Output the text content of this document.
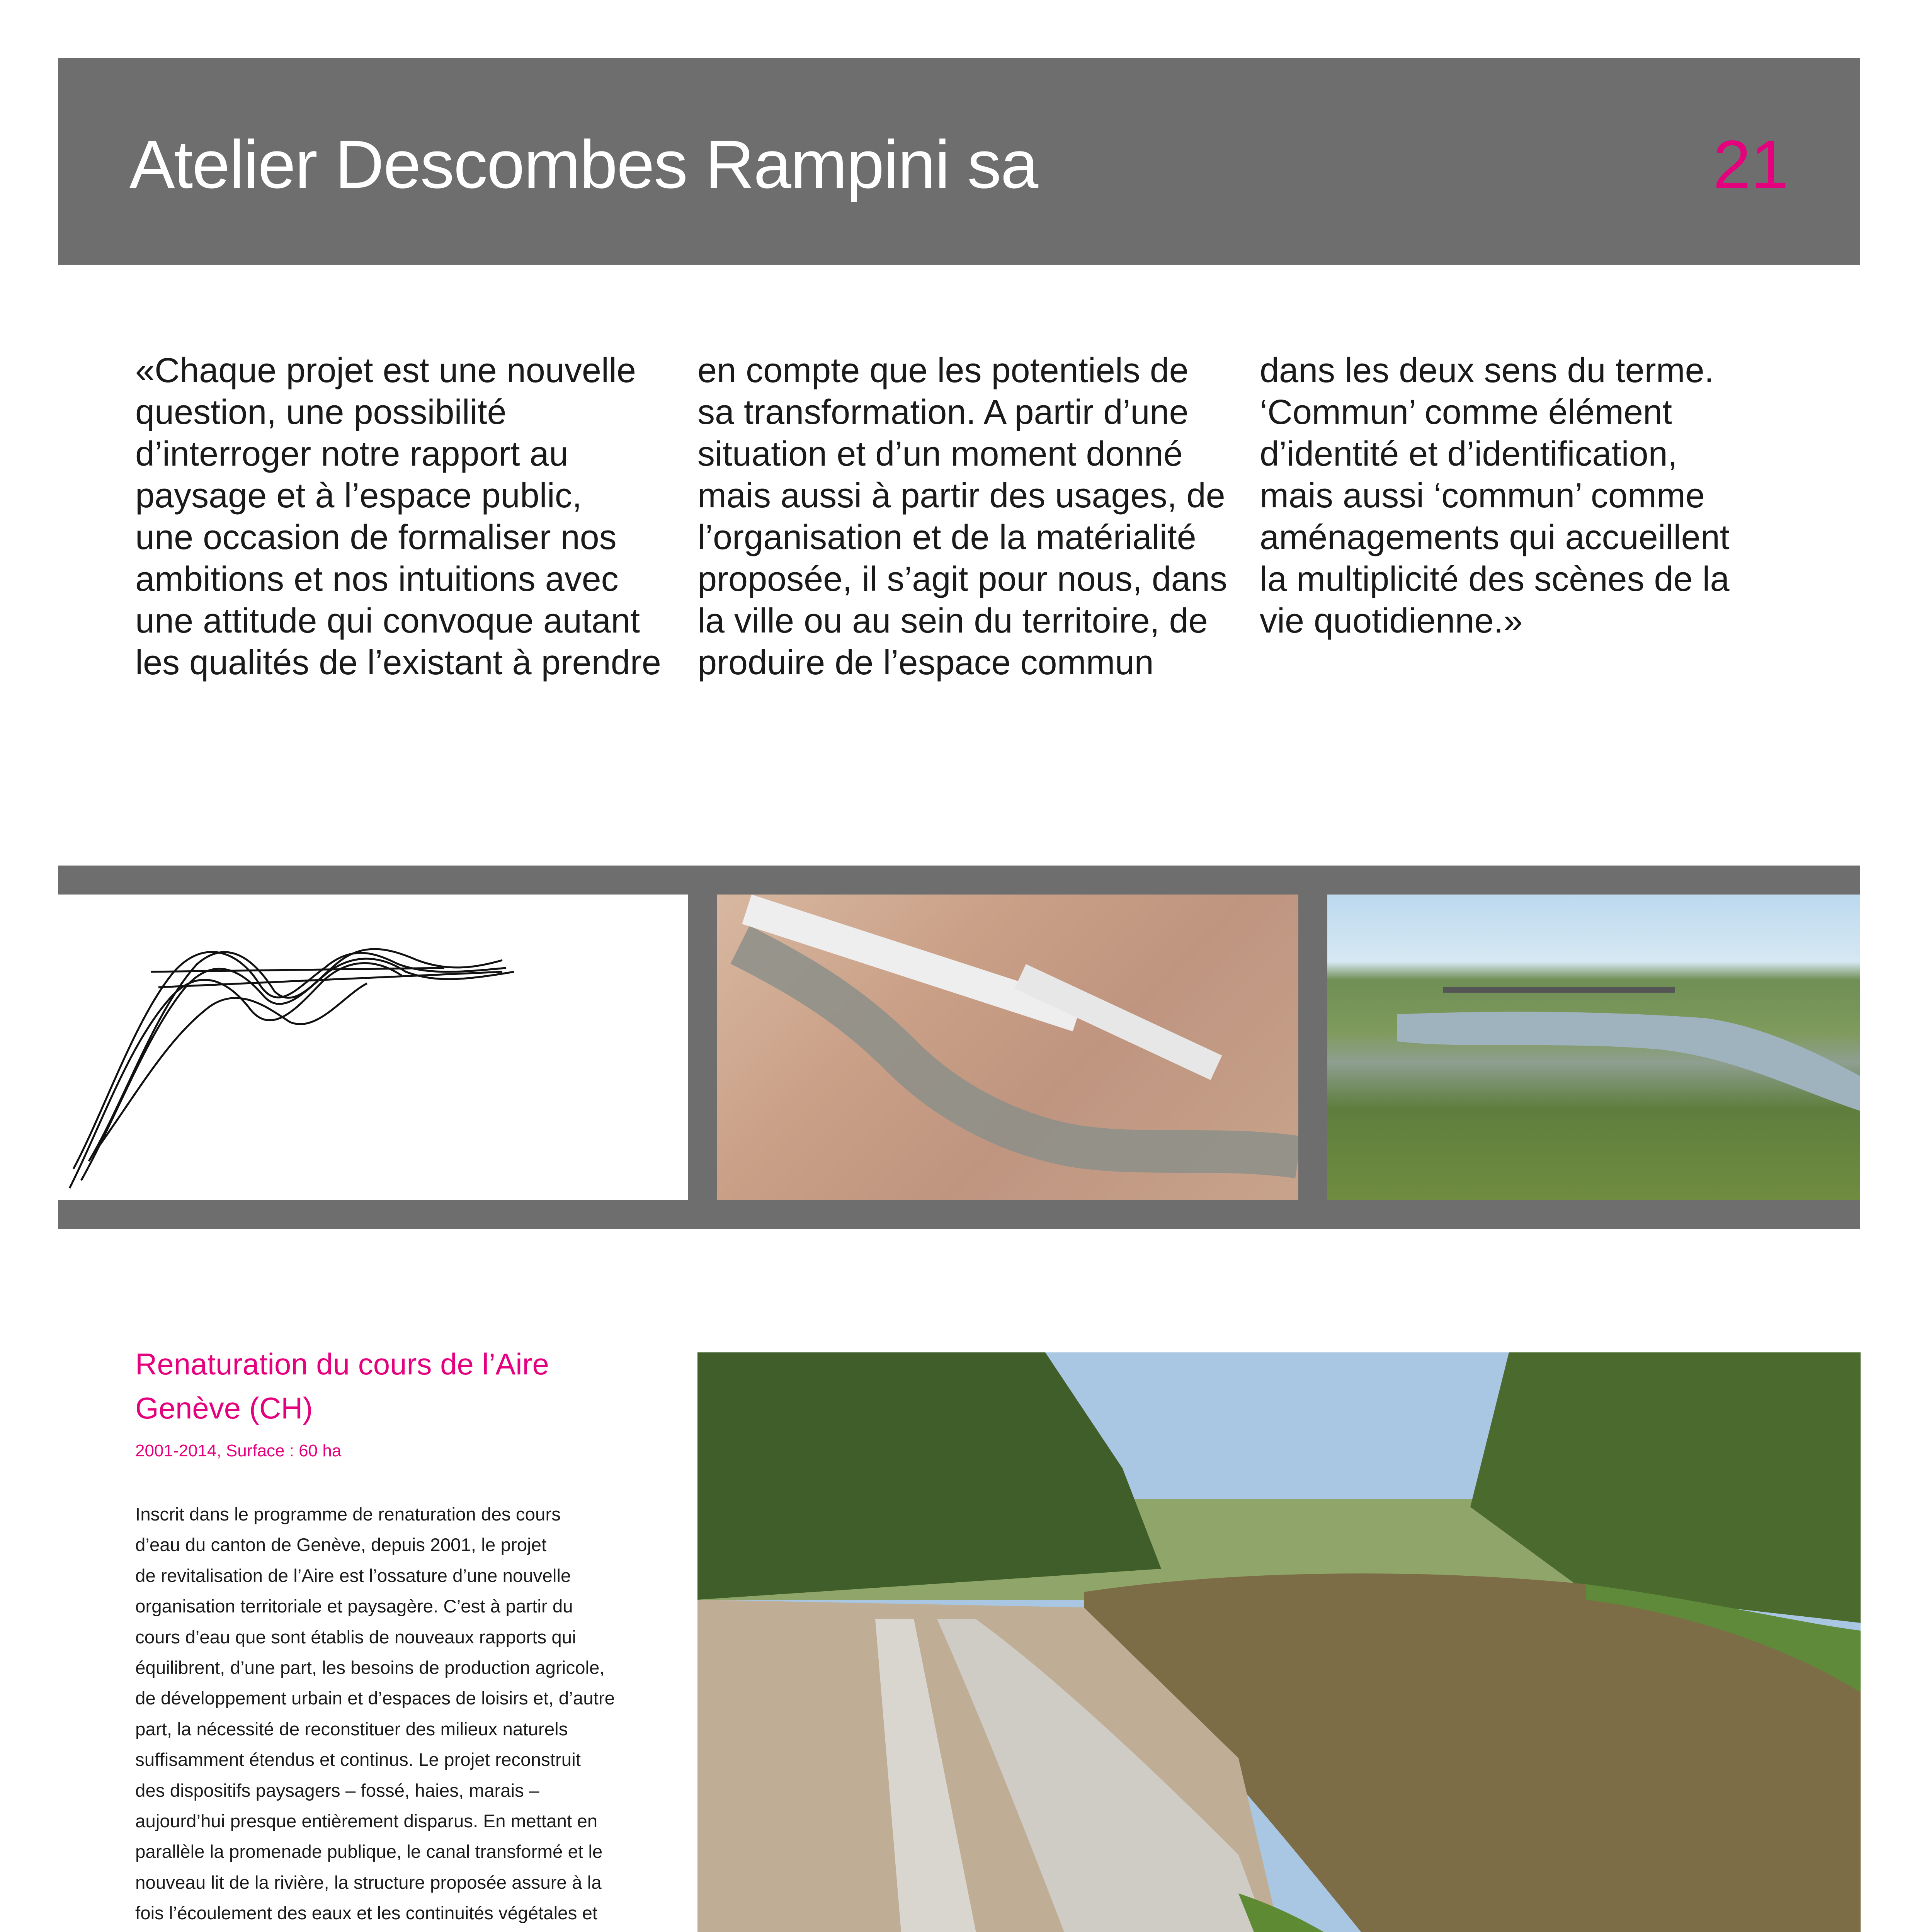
Atelier Descombes Rampini sa	21
«Chaque projet est une nouvelle
question, une possibilité
d’interroger notre rapport au
paysage et à l’espace public,
une occasion de formaliser nos
ambitions et nos intuitions avec
une attitude qui convoque autant
les qualités de l’existant à prendre
en compte que les potentiels de
sa transformation. A partir d’une
situation et d’un moment donné
mais aussi à partir des usages, de
l’organisation et de la matérialité
proposée, il s’agit pour nous, dans
la ville ou au sein du territoire, de
produire de l’espace commun
dans les deux sens du terme.
‘Commun’ comme élément
d’identité et d’identification,
mais aussi ‘commun’ comme
aménagements qui accueillent
la multiplicité des scènes de la
vie quotidienne.»
Renaturation du cours de l’Aire
Genève (CH)
2001-2014, Surface : 60 ha
Inscrit dans le programme de renaturation des cours
d’eau du canton de Genève, depuis 2001, le projet
de revitalisation de l’Aire est l’ossature d’une nouvelle
organisation territoriale et paysagère. C’est à partir du
cours d’eau que sont établis de nouveaux rapports qui
équilibrent, d’une part, les besoins de production agricole,
de développement urbain et d’espaces de loisirs et, d’autre
part, la nécessité de reconstituer des milieux naturels
suffisamment étendus et continus. Le projet reconstruit
des dispositifs paysagers – fossé, haies, marais –
aujourd’hui presque entièrement disparus. En mettant en
parallèle la promenade publique, le canal transformé et le
nouveau lit de la rivière, la structure proposée assure à la
fois l’écoulement des eaux et les continuités végétales et
